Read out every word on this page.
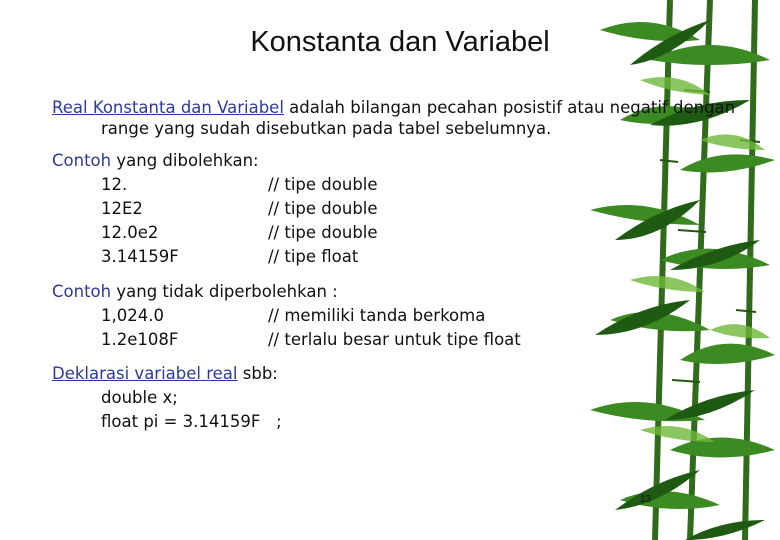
Konstanta dan Variabel
Real Konstanta dan Variabel adalah bilangan pecahan posistif atau negatif dengan
range yang sudah disebutkan pada tabel sebelumnya.
Contoh yang dibolehkan:
12.	// tipe double
12E2	// tipe double
12.0e2	// tipe double
3.14159F	// tipe float
Contoh yang tidak diperbolehkan :
1,024.0	// memiliki tanda berkoma
1.2e108F	// terlalu besar untuk tipe float
Deklarasi variabel real sbb:
double x;
float pi = 3.14159F   ;
13
